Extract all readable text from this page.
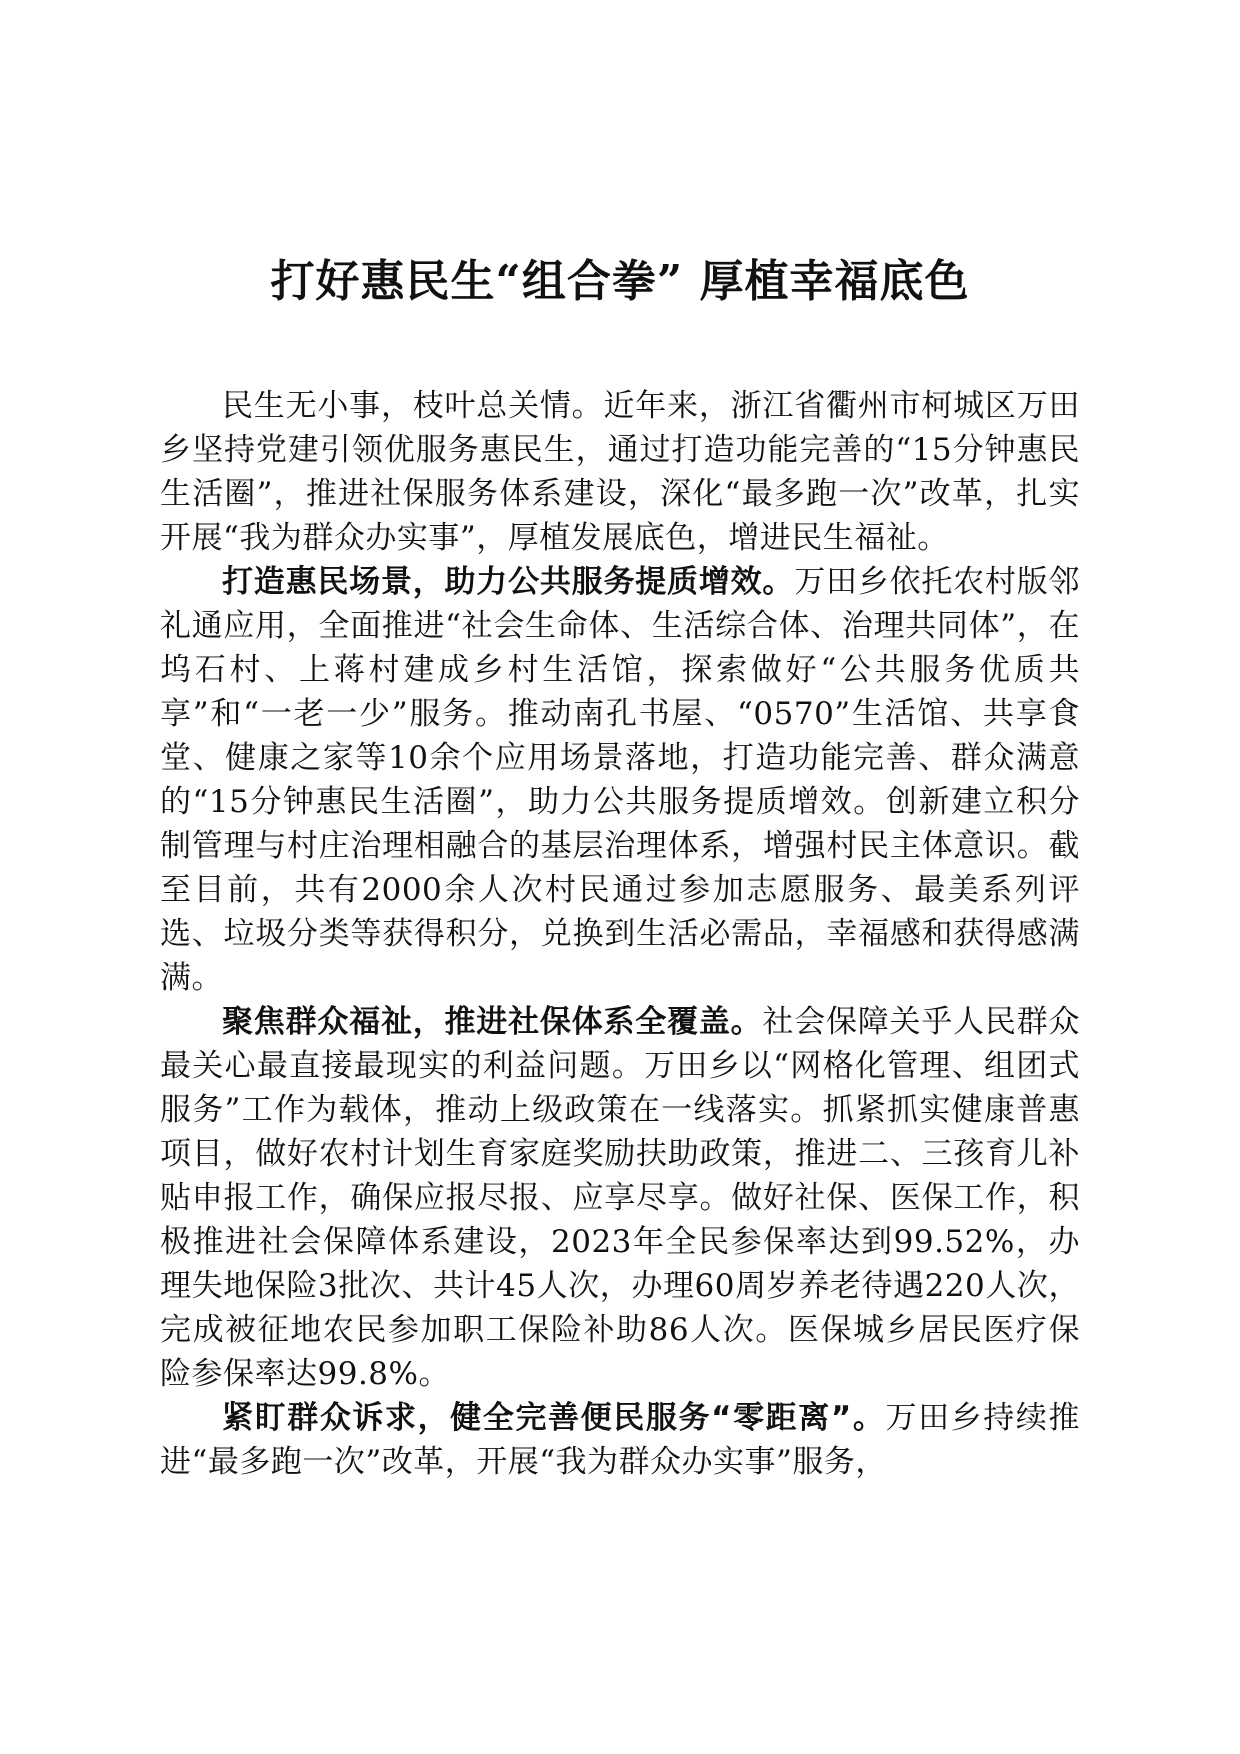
打好惠民生“组合拳” 厚植幸福底色

民生无小事，枝叶总关情。近年来，浙江省衢州市柯城区万田乡坚持党建引领优服务惠民生，通过打造功能完善的“15分钟惠民生活圈”，推进社保服务体系建设，深化“最多跑一次”改革，扎实开展“我为群众办实事”，厚植发展底色，增进民生福祉。

打造惠民场景，助力公共服务提质增效。万田乡依托农村版邻礼通应用，全面推进“社会生命体、生活综合体、治理共同体”，在坞石村、上蒋村建成乡村生活馆，探索做好“公共服务优质共享”和“一老一少”服务。推动南孔书屋、“0570”生活馆、共享食堂、健康之家等10余个应用场景落地，打造功能完善、群众满意的“15分钟惠民生活圈”，助力公共服务提质增效。创新建立积分制管理与村庄治理相融合的基层治理体系，增强村民主体意识。截至目前，共有2000余人次村民通过参加志愿服务、最美系列评选、垃圾分类等获得积分，兑换到生活必需品，幸福感和获得感满满。

聚焦群众福祉，推进社保体系全覆盖。社会保障关乎人民群众最关心最直接最现实的利益问题。万田乡以“网格化管理、组团式服务”工作为载体，推动上级政策在一线落实。抓紧抓实健康普惠项目，做好农村计划生育家庭奖励扶助政策，推进二、三孩育儿补贴申报工作，确保应报尽报、应享尽享。做好社保、医保工作，积极推进社会保障体系建设，2023年全民参保率达到99.52%，办理失地保险3批次、共计45人次，办理60周岁养老待遇220人次，完成被征地农民参加职工保险补助86人次。医保城乡居民医疗保险参保率达99.8%。

紧盯群众诉求，健全完善便民服务“零距离”。万田乡持续推进“最多跑一次”改革，开展“我为群众办实事”服务，
